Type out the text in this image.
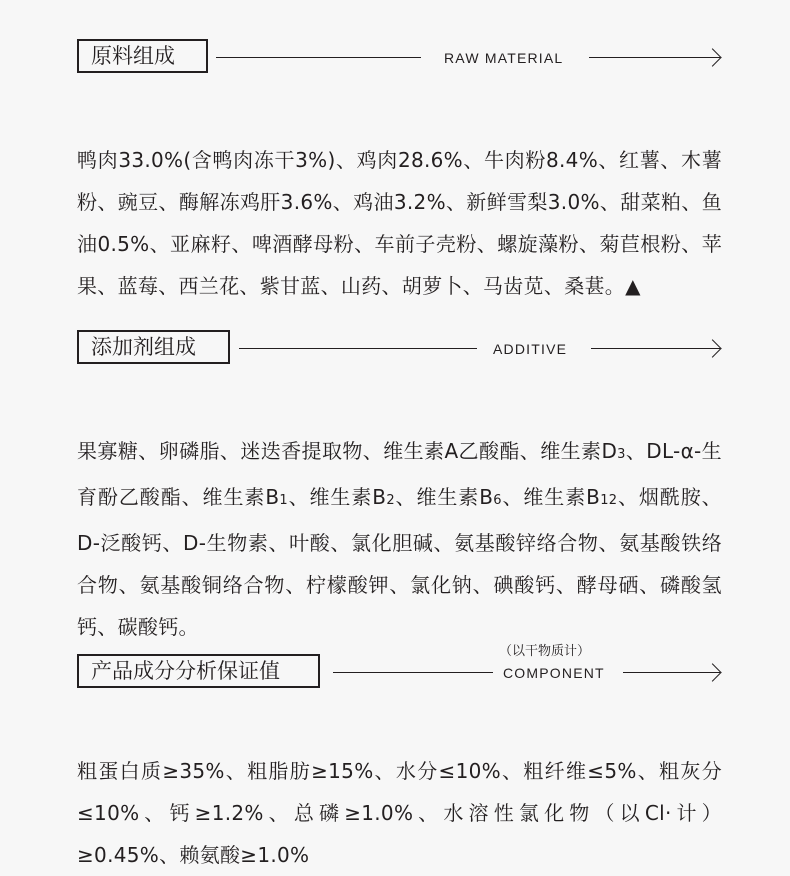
原料组成	RAW MATERIAL

鸭肉33.0%(含鸭肉冻干3%)、鸡肉28.6%、牛肉粉8.4%、红薯、木薯粉、豌豆、酶解冻鸡肝3.6%、鸡油3.2%、新鲜雪梨3.0%、甜菜粕、鱼油0.5%、亚麻籽、啤酒酵母粉、车前子壳粉、螺旋藻粉、菊苣根粉、苹果、蓝莓、西兰花、紫甘蓝、山药、胡萝卜、马齿苋、桑葚。▲

添加剂组成	ADDITIVE

果寡糖、卵磷脂、迷迭香提取物、维生素A乙酸酯、维生素D3、DL-α-生育酚乙酸酯、维生素B1、维生素B2、维生素B6、维生素B12、烟酰胺、D-泛酸钙、D-生物素、叶酸、氯化胆碱、氨基酸锌络合物、氨基酸铁络合物、氨基酸铜络合物、柠檬酸钾、氯化钠、碘酸钙、酵母硒、磷酸氢钙、碳酸钙。

产品成分分析保证值
（以干物质计）
COMPONENT

粗蛋白质≥35%、粗脂肪≥15%、水分≤10%、粗纤维≤5%、粗灰分≤10%、钙≥1.2%、总磷≥1.0%、水溶性氯化物（以Cl·计）≥0.45%、赖氨酸≥1.0%
